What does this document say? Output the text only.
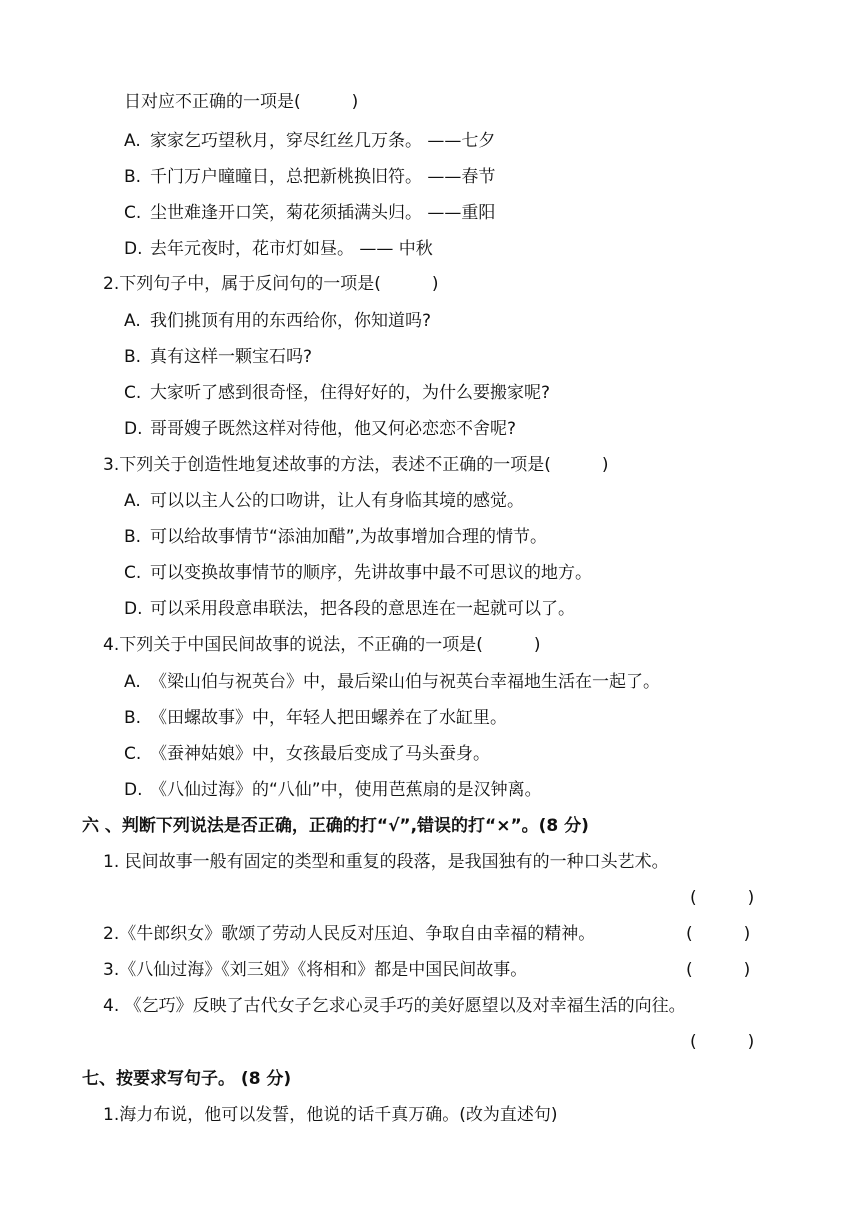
日对应不正确的一项是(　　　)
A. 家家乞巧望秋月，穿尽红丝几万条。 ——七夕
B. 千门万户曈曈日，总把新桃换旧符。 ——春节
C. 尘世难逢开口笑，菊花须插满头归。 ——重阳
D. 去年元夜时，花市灯如昼。 —— 中秋
2.下列句子中，属于反问句的一项是(　　　)
A. 我们挑顶有用的东西给你，你知道吗?
B. 真有这样一颗宝石吗?
C. 大家听了感到很奇怪，住得好好的，为什么要搬家呢?
D. 哥哥嫂子既然这样对待他，他又何必恋恋不舍呢?
3.下列关于创造性地复述故事的方法，表述不正确的一项是(　　　)
A. 可以以主人公的口吻讲，让人有身临其境的感觉。
B. 可以给故事情节“添油加醋”,为故事增加合理的情节。
C. 可以变换故事情节的顺序，先讲故事中最不可思议的地方。
D. 可以采用段意串联法，把各段的意思连在一起就可以了。
4.下列关于中国民间故事的说法，不正确的一项是(　　　)
A. 《梁山伯与祝英台》中，最后梁山伯与祝英台幸福地生活在一起了。
B. 《田螺故事》中，年轻人把田螺养在了水缸里。
C. 《蚕神姑娘》中，女孩最后变成了马头蚕身。
D. 《八仙过海》的“八仙”中，使用芭蕉扇的是汉钟离。
六 、判断下列说法是否正确，正确的打“√”,错误的打“×”。(8 分)
1. 民间故事一般有固定的类型和重复的段落，是我国独有的一种口头艺术。
(　　　)
2.《牛郎织女》歌颂了劳动人民反对压迫、争取自由幸福的精神。	(　　　)
3.《八仙过海》《刘三姐》《将相和》都是中国民间故事。	(　　　)
4. 《乞巧》反映了古代女子乞求心灵手巧的美好愿望以及对幸福生活的向往。
(　　　)
七、按要求写句子。 (8 分)
1.海力布说，他可以发誓，他说的话千真万确。(改为直述句)
